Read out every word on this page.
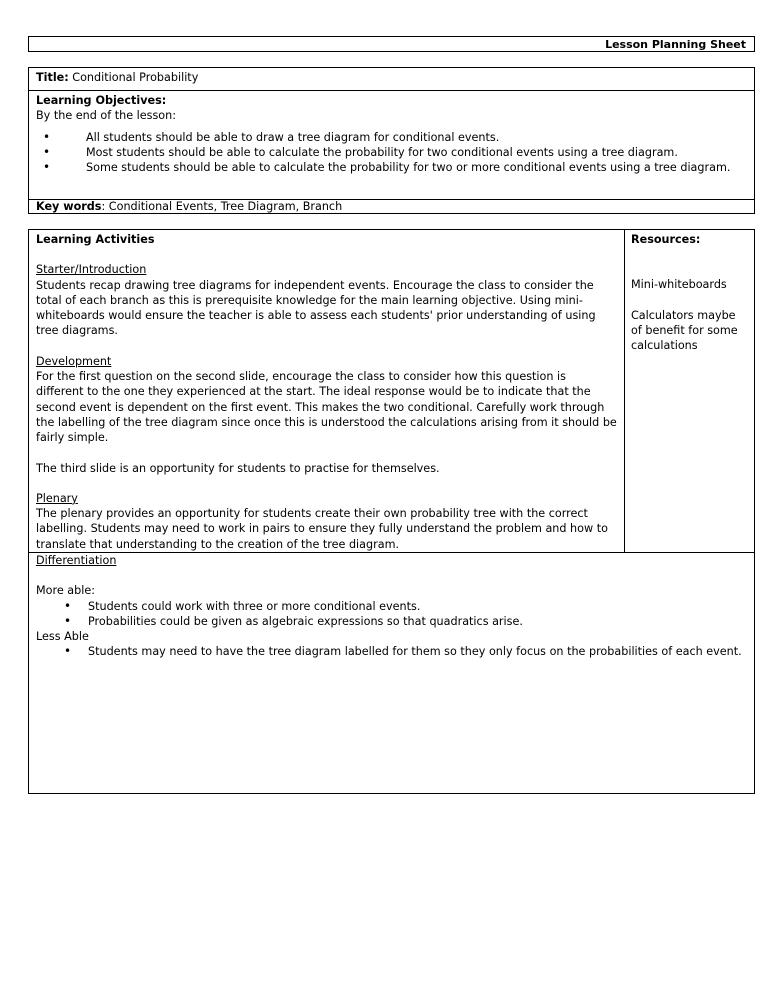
Lesson Planning Sheet
Title: Conditional Probability
Learning Objectives:
By the end of the lesson:
• All students should be able to draw a tree diagram for conditional events.
• Most students should be able to calculate the probability for two conditional events using a tree diagram.
• Some students should be able to calculate the probability for two or more conditional events using a tree diagram.
Key words: Conditional Events, Tree Diagram, Branch

Learning Activities

Starter/Introduction

Students recap drawing tree diagrams for independent events. Encourage the class to consider the total of each branch as this is prerequisite knowledge for the main learning objective. Using mini-whiteboards would ensure the teacher is able to assess each students' prior understanding of using tree diagrams.

Development

For the first question on the second slide, encourage the class to consider how this question is different to the one they experienced at the start. The ideal response would be to indicate that the second event is dependent on the first event. This makes the two conditional. Carefully work through the labelling of the tree diagram since once this is understood the calculations arising from it should be fairly simple.

The third slide is an opportunity for students to practise for themselves.

Plenary

The plenary provides an opportunity for students create their own probability tree with the correct labelling. Students may need to work in pairs to ensure they fully understand the problem and how to translate that understanding to the creation of the tree diagram.

Resources:

Mini-whiteboards

Calculators maybe of benefit for some calculations

Differentiation

More able:

• Students could work with three or more conditional events.
• Probabilities could be given as algebraic expressions so that quadratics arise.

Less Able

• Students may need to have the tree diagram labelled for them so they only focus on the probabilities of each event.
